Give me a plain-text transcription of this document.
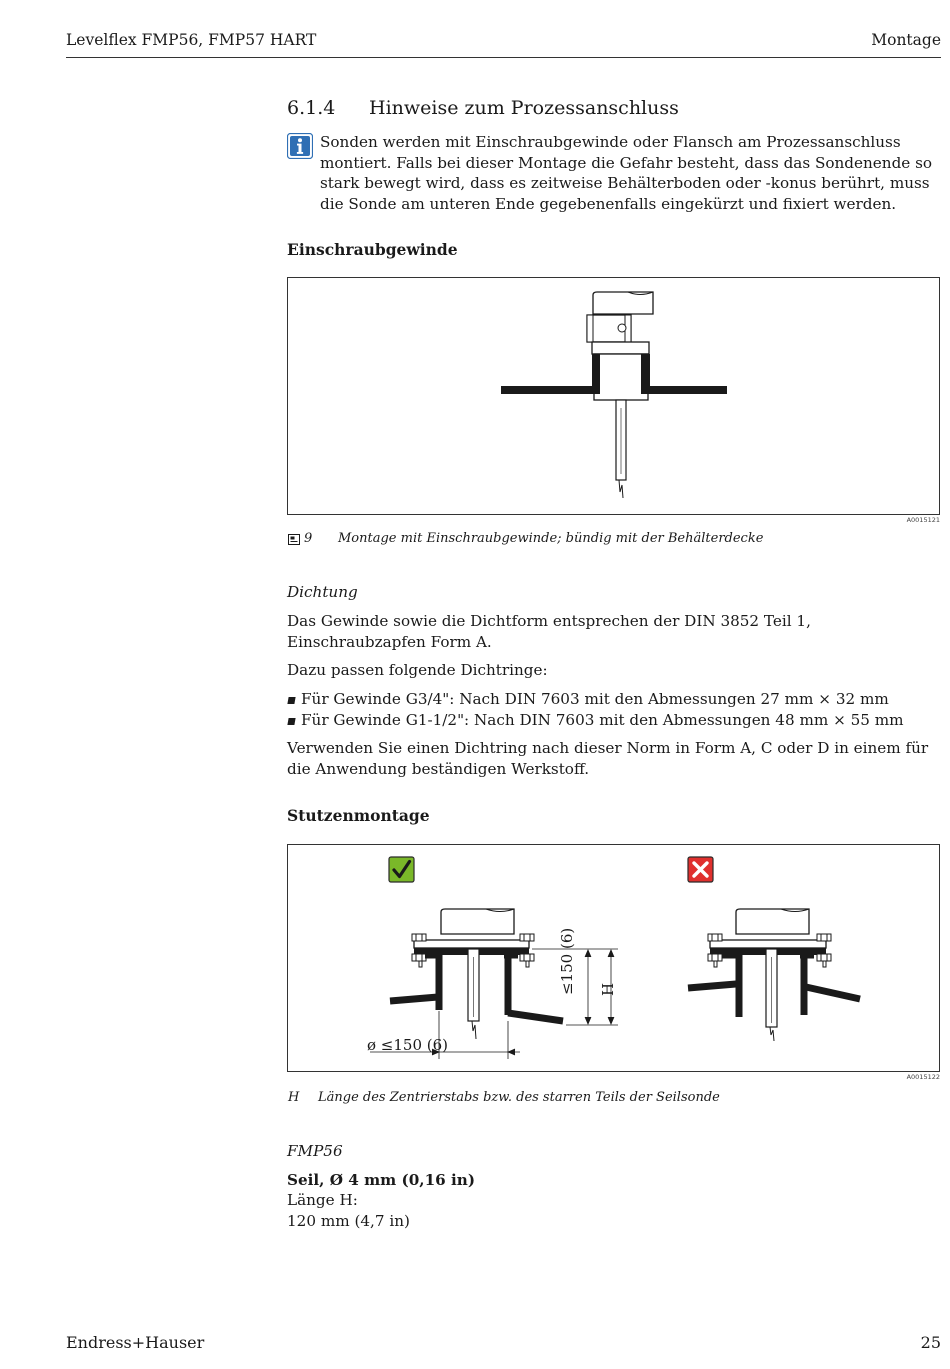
Levelflex FMP56, FMP57 HART	Montage
6.1.4 Hinweise zum Prozessanschluss
Sonden werden mit Einschraubgewinde oder Flansch am Prozessanschluss montiert. Falls bei dieser Montage die Gefahr besteht, dass das Sondenende so stark bewegt wird, dass es zeitweise Behälterboden oder -konus berührt, muss die Sonde am unteren Ende gegebenenfalls eingekürzt und fixiert werden.
Einschraubgewinde
A0015121
9 Montage mit Einschraubgewinde; bündig mit der Behälterdecke
Dichtung
Das Gewinde sowie die Dichtform entsprechen der DIN 3852 Teil 1, Einschraubzapfen Form A.
Dazu passen folgende Dichtringe:
Für Gewinde G3/4": Nach DIN 7603 mit den Abmessungen 27 mm × 32 mm
Für Gewinde G1-1/2": Nach DIN 7603 mit den Abmessungen 48 mm × 55 mm
Verwenden Sie einen Dichtring nach dieser Norm in Form A, C oder D in einem für die Anwendung beständigen Werkstoff.
Stutzenmontage
ø ≤150 (6)
≤150 (6) H
A0015122
H Länge des Zentrierstabs bzw. des starren Teils der Seilsonde
FMP56
Seil, Ø 4 mm (0,16 in)
Länge H:
120 mm (4,7 in)
Endress+Hauser	25
